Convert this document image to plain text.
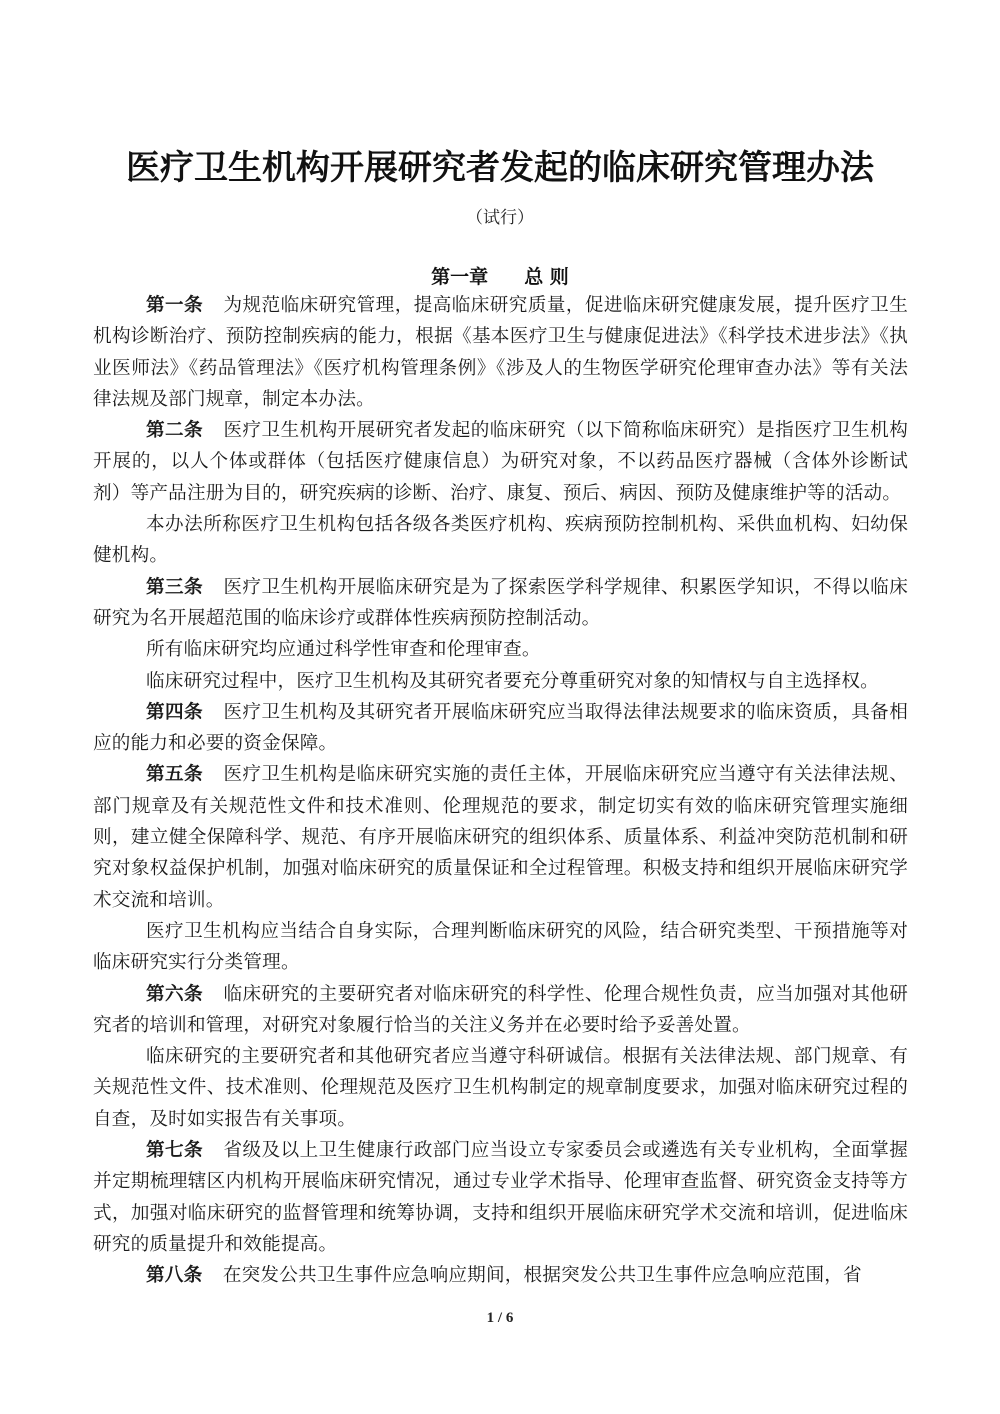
医疗卫生机构开展研究者发起的临床研究管理办法
（试行）
第一章 总 则

第一条 为规范临床研究管理，提高临床研究质量，促进临床研究健康发展，提升医疗卫生机构诊断治疗、预防控制疾病的能力，根据《基本医疗卫生与健康促进法》《科学技术进步法》《执业医师法》《药品管理法》《医疗机构管理条例》《涉及人的生物医学研究伦理审查办法》等有关法律法规及部门规章，制定本办法。

第二条 医疗卫生机构开展研究者发起的临床研究（以下简称临床研究）是指医疗卫生机构开展的，以人个体或群体（包括医疗健康信息）为研究对象，不以药品医疗器械（含体外诊断试剂）等产品注册为目的，研究疾病的诊断、治疗、康复、预后、病因、预防及健康维护等的活动。

本办法所称医疗卫生机构包括各级各类医疗机构、疾病预防控制机构、采供血机构、妇幼保健机构。

第三条 医疗卫生机构开展临床研究是为了探索医学科学规律、积累医学知识，不得以临床研究为名开展超范围的临床诊疗或群体性疾病预防控制活动。

所有临床研究均应通过科学性审查和伦理审查。

临床研究过程中，医疗卫生机构及其研究者要充分尊重研究对象的知情权与自主选择权。

第四条 医疗卫生机构及其研究者开展临床研究应当取得法律法规要求的临床资质，具备相应的能力和必要的资金保障。

第五条 医疗卫生机构是临床研究实施的责任主体，开展临床研究应当遵守有关法律法规、部门规章及有关规范性文件和技术准则、伦理规范的要求，制定切实有效的临床研究管理实施细则，建立健全保障科学、规范、有序开展临床研究的组织体系、质量体系、利益冲突防范机制和研究对象权益保护机制，加强对临床研究的质量保证和全过程管理。积极支持和组织开展临床研究学术交流和培训。

医疗卫生机构应当结合自身实际，合理判断临床研究的风险，结合研究类型、干预措施等对临床研究实行分类管理。

第六条 临床研究的主要研究者对临床研究的科学性、伦理合规性负责，应当加强对其他研究者的培训和管理，对研究对象履行恰当的关注义务并在必要时给予妥善处置。

临床研究的主要研究者和其他研究者应当遵守科研诚信。根据有关法律法规、部门规章、有关规范性文件、技术准则、伦理规范及医疗卫生机构制定的规章制度要求，加强对临床研究过程的自查，及时如实报告有关事项。

第七条 省级及以上卫生健康行政部门应当设立专家委员会或遴选有关专业机构，全面掌握并定期梳理辖区内机构开展临床研究情况，通过专业学术指导、伦理审查监督、研究资金支持等方式，加强对临床研究的监督管理和统筹协调，支持和组织开展临床研究学术交流和培训，促进临床研究的质量提升和效能提高。

第八条 在突发公共卫生事件应急响应期间，根据突发公共卫生事件应急响应范围，省

1 / 6
